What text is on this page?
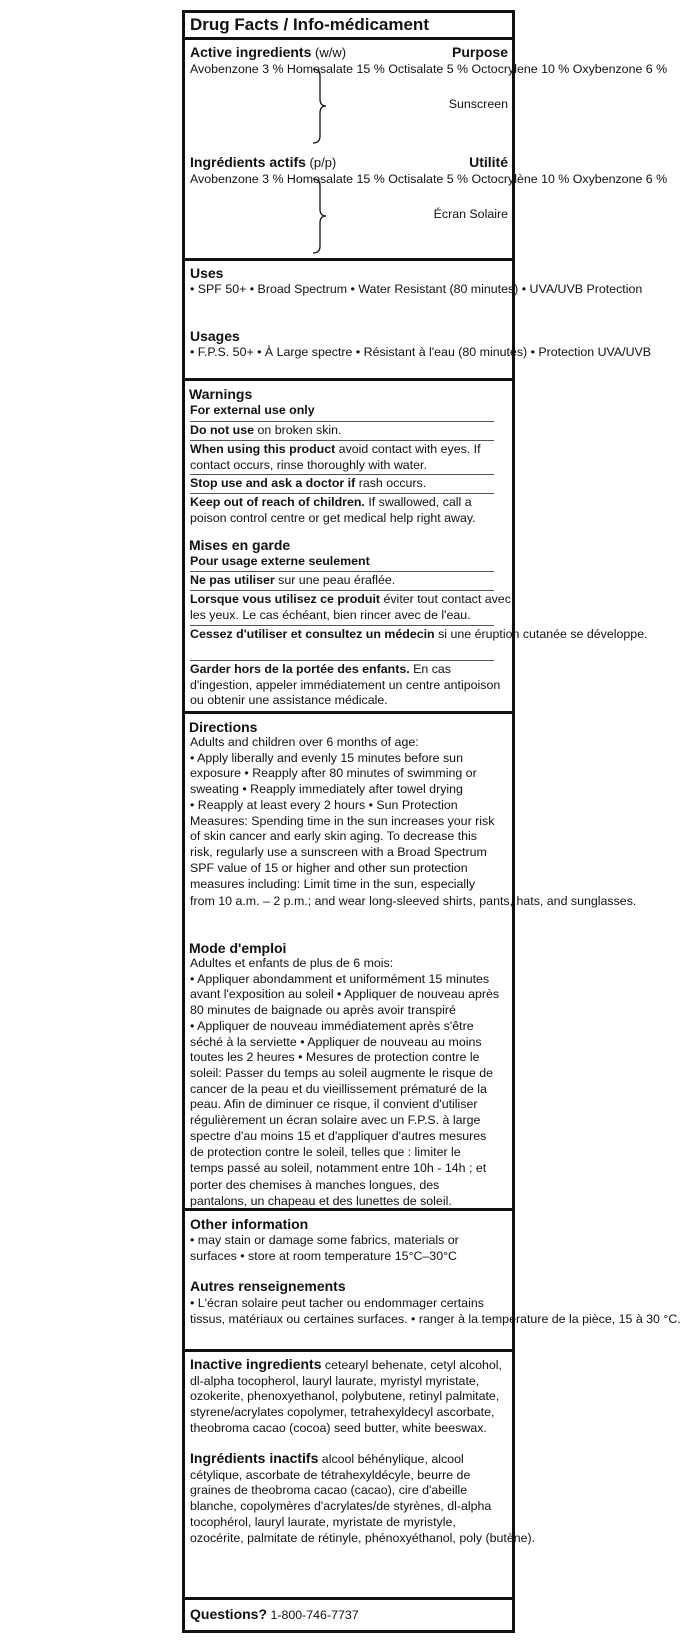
Drug Facts / Info-médicament
Active ingredients (w/w)	Purpose
Avobenzone 3 % Homosalate 15 % Octisalate 5 % Octocrylene 10 % Oxybenzone 6 %
Sunscreen
Ingrédients actifs (p/p)	Utilité
Avobenzone 3 % Homosalate 15 % Octisalate 5 % Octocrylène 10 % Oxybenzone 6 %
Écran Solaire
Uses
• SPF 50+ • Broad Spectrum • Water Resistant (80 minutes) • UVA/UVB Protection
Usages
• F.P.S. 50+ • À Large spectre • Résistant à l'eau (80 minutes) • Protection UVA/UVB
Warnings
For external use only
Do not use on broken skin.
When using this product avoid contact with eyes. If contact occurs, rinse thoroughly with water.
Stop use and ask a doctor if rash occurs.
Keep out of reach of children. If swallowed, call a poison control centre or get medical help right away.
Mises en garde
Pour usage externe seulement
Ne pas utiliser sur une peau éraflée.
Lorsque vous utilisez ce produit éviter tout contact avec les yeux. Le cas échéant, bien rincer avec de l'eau.
Cessez d'utiliser et consultez un médecin si une éruption cutanée se développe.
Garder hors de la portée des enfants. En cas d'ingestion, appeler immédiatement un centre antipoison ou obtenir une assistance médicale.
Directions
Adults and children over 6 months of age: • Apply liberally and evenly 15 minutes before sun exposure • Reapply after 80 minutes of swimming or sweating • Reapply immediately after towel drying • Reapply at least every 2 hours • Sun Protection Measures: Spending time in the sun increases your risk of skin cancer and early skin aging. To decrease this risk, regularly use a sunscreen with a Broad Spectrum SPF value of 15 or higher and other sun protection measures including: Limit time in the sun, especially from 10 a.m. – 2 p.m.; and wear long-sleeved shirts, pants, hats, and sunglasses.
Mode d'emploi
Adultes et enfants de plus de 6 mois: • Appliquer abondamment et uniformément 15 minutes avant l'exposition au soleil • Appliquer de nouveau après 80 minutes de baignade ou après avoir transpiré • Appliquer de nouveau immédiatement après s'être séché à la serviette • Appliquer de nouveau au moins toutes les 2 heures • Mesures de protection contre le soleil: Passer du temps au soleil augmente le risque de cancer de la peau et du vieillissement prématuré de la peau. Afin de diminuer ce risque, il convient d'utiliser régulièrement un écran solaire avec un F.P.S. à large spectre d'au moins 15 et d'appliquer d'autres mesures de protection contre le soleil, telles que : limiter le temps passé au soleil, notamment entre 10h - 14h ; et porter des chemises à manches longues, des pantalons, un chapeau et des lunettes de soleil.
Other information
• may stain or damage some fabrics, materials or surfaces • store at room temperature 15°C–30°C
Autres renseignements
• L'écran solaire peut tacher ou endommager certains tissus, matériaux ou certaines surfaces. • ranger à la température de la pièce, 15 à 30 °C.
Inactive ingredients cetearyl behenate, cetyl alcohol, dl-alpha tocopherol, lauryl laurate, myristyl myristate, ozokerite, phenoxyethanol, polybutene, retinyl palmitate, styrene/acrylates copolymer, tetrahexyldecyl ascorbate, theobroma cacao (cocoa) seed butter, white beeswax.
Ingrédients inactifs alcool béhénylique, alcool cétylique, ascorbate de tétrahexyldécyle, beurre de graines de theobroma cacao (cacao), cire d'abeille blanche, copolymères d'acrylates/de styrènes, dl-alpha tocophérol, lauryl laurate, myristate de myristyle, ozocérite, palmitate de rétinyle, phénoxyéthanol, poly (butène).
Questions? 1-800-746-7737
